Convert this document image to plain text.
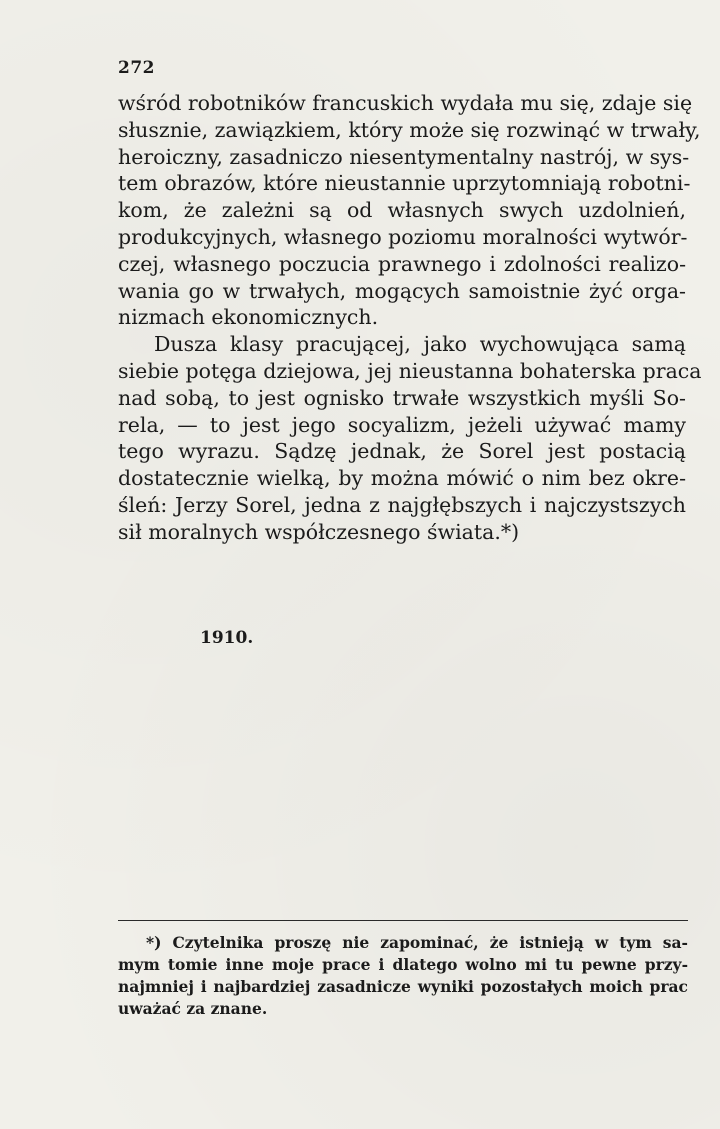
272

wśród robotników francuskich wydała mu się, zdaje się
słusznie, zawiązkiem, który może się rozwinąć w trwały,
heroiczny, zasadniczo niesentymentalny nastrój, w sys-
tem obrazów, które nieustannie uprzytomniają robotni-
kom, że zależni są od własnych swych uzdolnień,
produkcyjnych, własnego poziomu moralności wytwór-
czej, własnego poczucia prawnego i zdolności realizo-
wania go w trwałych, mogących samoistnie żyć orga-
nizmach ekonomicznych.

Dusza klasy pracującej, jako wychowująca samą
siebie potęga dziejowa, jej nieustanna bohaterska praca
nad sobą, to jest ognisko trwałe wszystkich myśli So-
rela, — to jest jego socyalizm, jeżeli używać mamy
tego wyrazu. Sądzę jednak, że Sorel jest postacią
dostatecznie wielką, by można mówić o nim bez okre-
śleń: Jerzy Sorel, jedna z najgłębszych i najczystszych
sił moralnych współczesnego świata.*)

1910.
*) Czytelnika proszę nie zapominać, że istnieją w tym sa-
mym tomie inne moje prace i dlatego wolno mi tu pewne przy-
najmniej i najbardziej zasadnicze wyniki pozostałych moich prac
uważać za znane.
